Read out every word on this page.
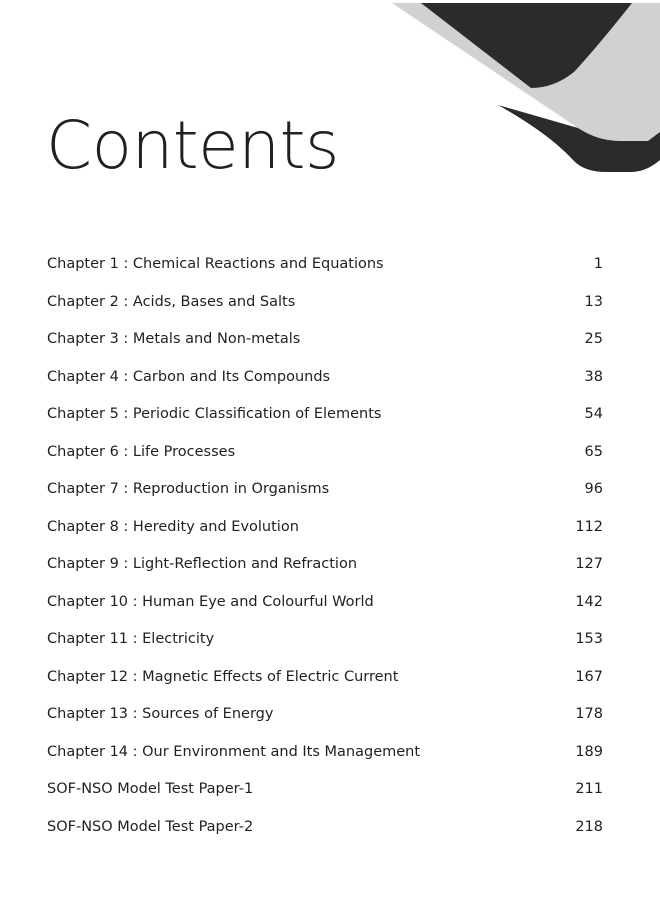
Contents
Chapter 1 : Chemical Reactions and Equations	1
Chapter 2 : Acids, Bases and Salts	13
Chapter 3 : Metals and Non-metals	25
Chapter 4 : Carbon and Its Compounds	38
Chapter 5 : Periodic Classification of Elements	54
Chapter 6 : Life Processes	65
Chapter 7 : Reproduction in Organisms	96
Chapter 8 : Heredity and Evolution	112
Chapter 9 : Light-Reflection and Refraction	127
Chapter 10 : Human Eye and Colourful World	142
Chapter 11 : Electricity	153
Chapter 12 : Magnetic Effects of Electric Current	167
Chapter 13 : Sources of Energy	178
Chapter 14 : Our Environment and Its Management	189
SOF-NSO Model Test Paper-1	211
SOF-NSO Model Test Paper-2	218
